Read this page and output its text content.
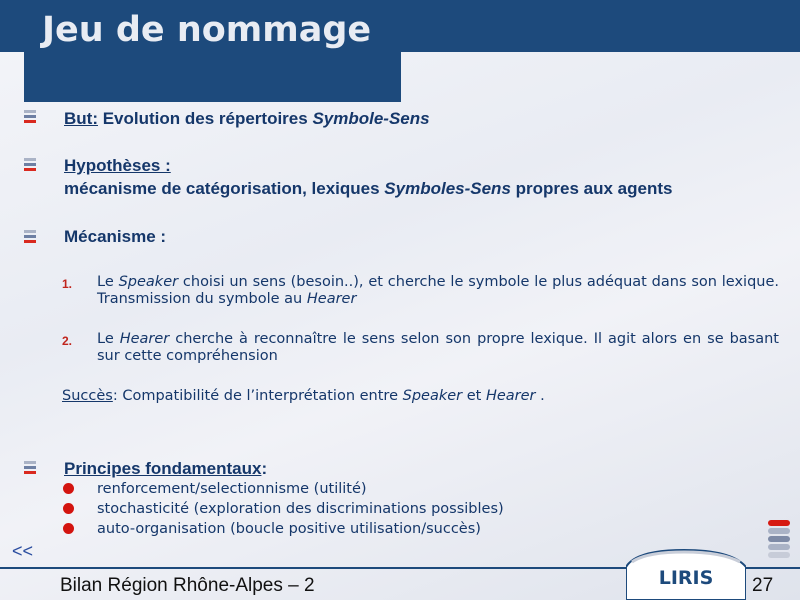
Jeu de nommage
But: Evolution des répertoires Symbole-Sens
Hypothèses :
mécanisme de catégorisation, lexiques Symboles-Sens propres aux agents
Mécanisme :
1. Le Speaker choisi un sens (besoin..), et cherche le symbole le plus adéquat dans son lexique. Transmission du symbole au Hearer
2. Le Hearer cherche à reconnaître le sens selon son propre lexique. Il agit alors en se basant sur cette compréhension
Succès: Compatibilité de l’interprétation entre Speaker et Hearer .
Principes fondamentaux:
renforcement/selectionnisme (utilité)
stochasticité (exploration des discriminations possibles)
auto-organisation (boucle positive utilisation/succès)
<<
LIRIS
Bilan Région Rhône-Alpes – 2	27
